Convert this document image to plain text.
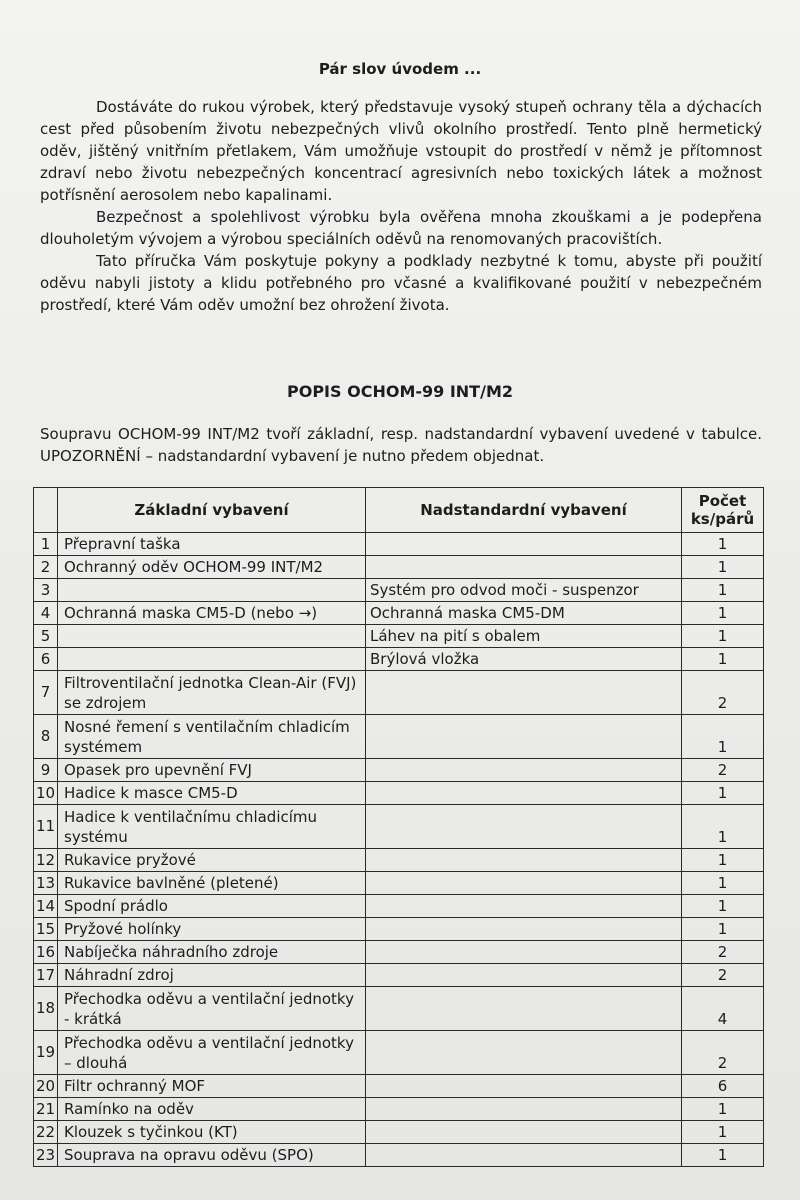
Pár slov úvodem ...

Dostáváte do rukou výrobek, který představuje vysoký stupeň ochrany těla a dýchacích cest před působením životu nebezpečných vlivů okolního prostředí. Tento plně hermetický oděv, jištěný vnitřním přetlakem, Vám umožňuje vstoupit do prostředí v němž je přítomnost zdraví nebo životu nebezpečných koncentrací agresivních nebo toxických látek a možnost potřísnění aerosolem nebo kapalinami.

Bezpečnost a spolehlivost výrobku byla ověřena mnoha zkouškami a je podepřena dlouholetým vývojem a výrobou speciálních oděvů na renomovaných pracovištích.

Tato příručka Vám poskytuje pokyny a podklady nezbytné k tomu, abyste při použití oděvu nabyli jistoty a klidu potřebného pro včasné a kvalifikované použití v nebezpečném prostředí, které Vám oděv umožní bez ohrožení života.

POPIS OCHOM-99 INT/M2

Soupravu OCHOM-99 INT/M2 tvoří základní, resp. nadstandardní vybavení uvedené v tabulce. UPOZORNĚNÍ – nadstandardní vybavení je nutno předem objednat.

	Základní vybavení	Nadstandardní vybavení	Počet ks/párů
1	Přepravní taška		1
2	Ochranný oděv OCHOM-99 INT/M2		1
3		Systém pro odvod moči - suspenzor	1
4	Ochranná maska CM5-D (nebo →)	Ochranná maska CM5-DM	1
5		Láhev na pití s obalem	1
6		Brýlová vložka	1
7	Filtroventilační jednotka Clean-Air (FVJ) se zdrojem		2
8	Nosné řemení s ventilačním chladicím systémem		1
9	Opasek pro upevnění FVJ		2
10	Hadice k masce CM5-D		1
11	Hadice k ventilačnímu chladicímu systému		1
12	Rukavice pryžové		1
13	Rukavice bavlněné (pletené)		1
14	Spodní prádlo		1
15	Pryžové holínky		1
16	Nabíječka náhradního zdroje		2
17	Náhradní zdroj		2
18	Přechodka oděvu a ventilační jednotky - krátká		4
19	Přechodka oděvu a ventilační jednotky – dlouhá		2
20	Filtr ochranný MOF		6
21	Ramínko na oděv		1
22	Klouzek s tyčinkou (KT)		1
23	Souprava na opravu oděvu (SPO)		1
